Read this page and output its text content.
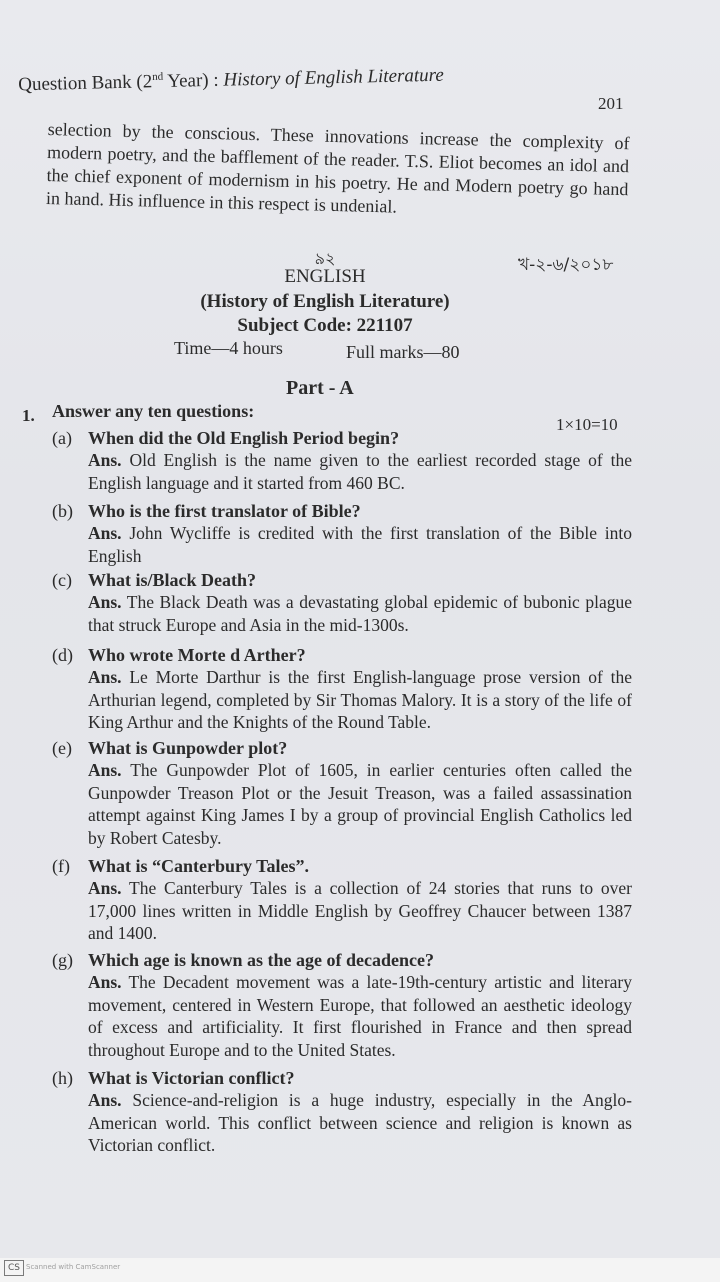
Question Bank (2nd Year) : History of English Literature
201

selection by the conscious. These innovations increase the complexity of modern poetry, and the bafflement of the reader. T.S. Eliot becomes an idol and the chief exponent of modernism in his poetry. He and Modern poetry go hand in hand. His influence in this respect is undenial.

৯২	খ-২-৬/২০১৮
ENGLISH
(History of English Literature)
Subject Code: 221107
Time—4 hours	Full marks—80
Part - A
1. Answer any ten questions:
1×10=10
(a) When did the Old English Period begin?
Ans. Old English is the name given to the earliest recorded stage of the English language and it started from 460 BC.
(b) Who is the first translator of Bible?
Ans. John Wycliffe is credited with the first translation of the Bible into English
(c) What is/Black Death?
Ans. The Black Death was a devastating global epidemic of bubonic plague that struck Europe and Asia in the mid-1300s.
(d) Who wrote Morte d Arther?
Ans. Le Morte Darthur is the first English-language prose version of the Arthurian legend, completed by Sir Thomas Malory. It is a story of the life of King Arthur and the Knights of the Round Table.
(e) What is Gunpowder plot?
Ans. The Gunpowder Plot of 1605, in earlier centuries often called the Gunpowder Treason Plot or the Jesuit Treason, was a failed assassination attempt against King James I by a group of provincial English Catholics led by Robert Catesby.
(f)	What is “Canterbury Tales”.
Ans. The Canterbury Tales is a collection of 24 stories that runs to over 17,000 lines written in Middle English by Geoffrey Chaucer between 1387 and 1400.
(g) Which age is known as the age of decadence?
Ans. The Decadent movement was a late-19th-century artistic and literary movement, centered in Western Europe, that followed an aesthetic ideology of excess and artificiality. It first flourished in France and then spread throughout Europe and to the United States.
(h) What is Victorian conflict?
Ans. Science-and-religion is a huge industry, especially in the Anglo-American world. This conflict between science and religion is known as Victorian conflict.
CS Scanned with CamScanner
